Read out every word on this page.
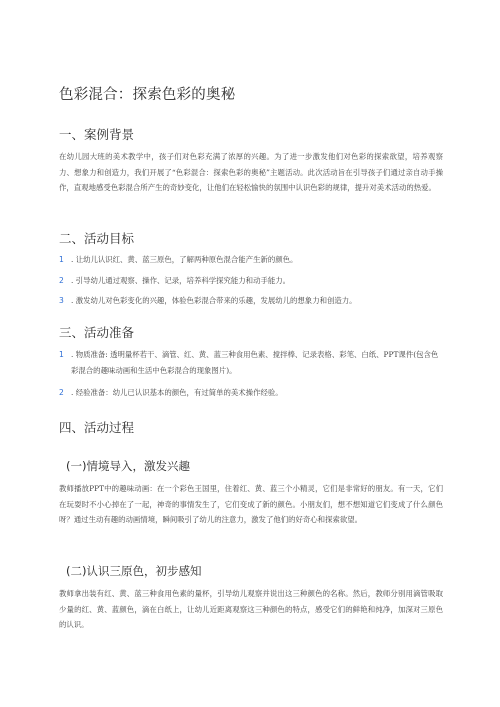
色彩混合：探索色彩的奥秘
一、案例背景
在幼儿园大班的美术教学中，孩子们对色彩充满了浓厚的兴趣。为了进一步激发他们对色彩的探索欲望，培养观察力、想象力和创造力，我们开展了“色彩混合：探索色彩的奥秘”主题活动。此次活动旨在引导孩子们通过亲自动手操作，直观地感受色彩混合所产生的奇妙变化，让他们在轻松愉快的氛围中认识色彩的规律，提升对美术活动的热爱。
二、活动目标
1 . 让幼儿认识红、黄、蓝三原色，了解两种原色混合能产生新的颜色。
2 . 引导幼儿通过观察、操作、记录，培养科学探究能力和动手能力。
3 . 激发幼儿对色彩变化的兴趣，体验色彩混合带来的乐趣，发展幼儿的想象力和创造力。
三、活动准备
1 . 物质准备: 透明量杯若干、滴管、红、黄、蓝三种食用色素、搅拌棒、记录表格、彩笔、白纸、PPT课件(包含色彩混合的趣味动画和生活中色彩混合的现象图片)。
2 . 经验准备：幼儿已认识基本的颜色，有过简单的美术操作经验。
四、活动过程
(一)情境导入，激发兴趣
教师播放PPT中的趣味动画：在一个彩色王国里，住着红、黄、蓝三个小精灵，它们是非常好的朋友。有一天，它们在玩耍时不小心掉在了一起，神奇的事情发生了，它们变成了新的颜色。小朋友们，想不想知道它们变成了什么颜色呀？通过生动有趣的动画情境，瞬间吸引了幼儿的注意力，激发了他们的好奇心和探索欲望。
(二)认识三原色，初步感知
教师拿出装有红、黄、蓝三种食用色素的量杯，引导幼儿观察并说出这三种颜色的名称。然后，教师分别用滴管吸取少量的红、黄、蓝颜色，滴在白纸上，让幼儿近距离观察这三种颜色的特点，感受它们的鲜艳和纯净，加深对三原色的认识。
